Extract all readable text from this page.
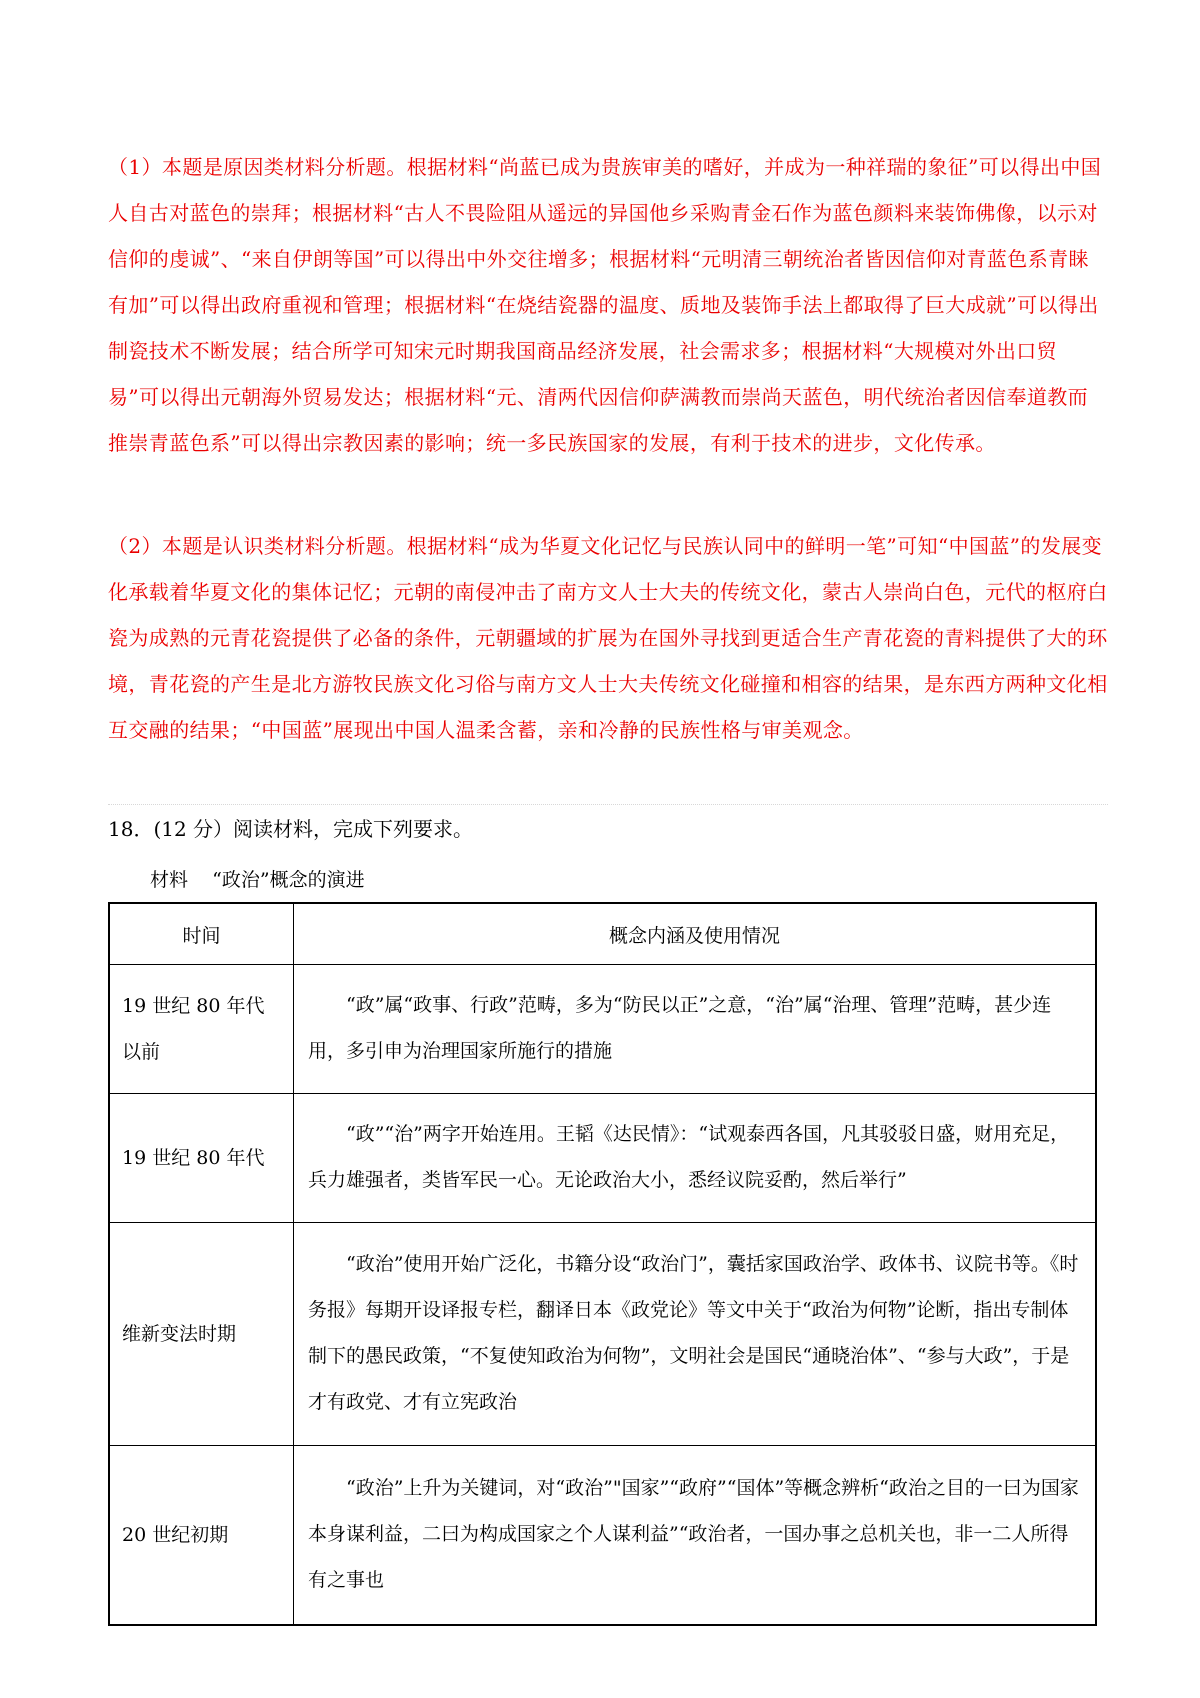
（1）本题是原因类材料分析题。根据材料“尚蓝已成为贵族审美的嗜好，并成为一种祥瑞的象征”可以得出中国人自古对蓝色的崇拜；根据材料“古人不畏险阻从遥远的异国他乡采购青金石作为蓝色颜料来装饰佛像，以示对信仰的虔诚”、“来自伊朗等国”可以得出中外交往增多；根据材料“元明清三朝统治者皆因信仰对青蓝色系青睐有加”可以得出政府重视和管理；根据材料“在烧结瓷器的温度、质地及装饰手法上都取得了巨大成就”可以得出制瓷技术不断发展；结合所学可知宋元时期我国商品经济发展，社会需求多；根据材料“大规模对外出口贸易”可以得出元朝海外贸易发达；根据材料“元、清两代因信仰萨满教而崇尚天蓝色，明代统治者因信奉道教而推崇青蓝色系”可以得出宗教因素的影响；统一多民族国家的发展，有利于技术的进步，文化传承。
（2）本题是认识类材料分析题。根据材料“成为华夏文化记忆与民族认同中的鲜明一笔”可知“中国蓝”的发展变化承载着华夏文化的集体记忆；元朝的南侵冲击了南方文人士大夫的传统文化，蒙古人崇尚白色，元代的枢府白瓷为成熟的元青花瓷提供了必备的条件，元朝疆域的扩展为在国外寻找到更适合生产青花瓷的青料提供了大的环境，青花瓷的产生是北方游牧民族文化习俗与南方文人士大夫传统文化碰撞和相容的结果，是东西方两种文化相互交融的结果；“中国蓝”展现出中国人温柔含蓄，亲和冷静的民族性格与审美观念。
18．(12 分）阅读材料，完成下列要求。
材料    “政治”概念的演进
时间	概念内涵及使用情况
19 世纪 80 年代以前	“政”属“政事、行政”范畴，多为“防民以正”之意，“治”属“治理、管理”范畴，甚少连用，多引申为治理国家所施行的措施
19 世纪 80 年代	“政”“治”两字开始连用。王韬《达民情》：“试观泰西各国，凡其驳驳日盛，财用充足，兵力雄强者，类皆军民一心。无论政治大小，悉经议院妥酌，然后举行”
维新变法时期	“政治”使用开始广泛化，书籍分设“政治门”，囊括家国政治学、政体书、议院书等。《时务报》每期开设译报专栏，翻译日本《政党论》等文中关于“政治为何物”论断，指出专制体制下的愚民政策，“不复使知政治为何物”，文明社会是国民“通晓治体”、“参与大政”，于是才有政党、才有立宪政治
20 世纪初期	“政治”上升为关键词，对“政治”"国家”“政府”“国体”等概念辨析“政治之目的一曰为国家本身谋利益，二曰为构成国家之个人谋利益”“政治者，一国办事之总机关也，非一二人所得有之事也
